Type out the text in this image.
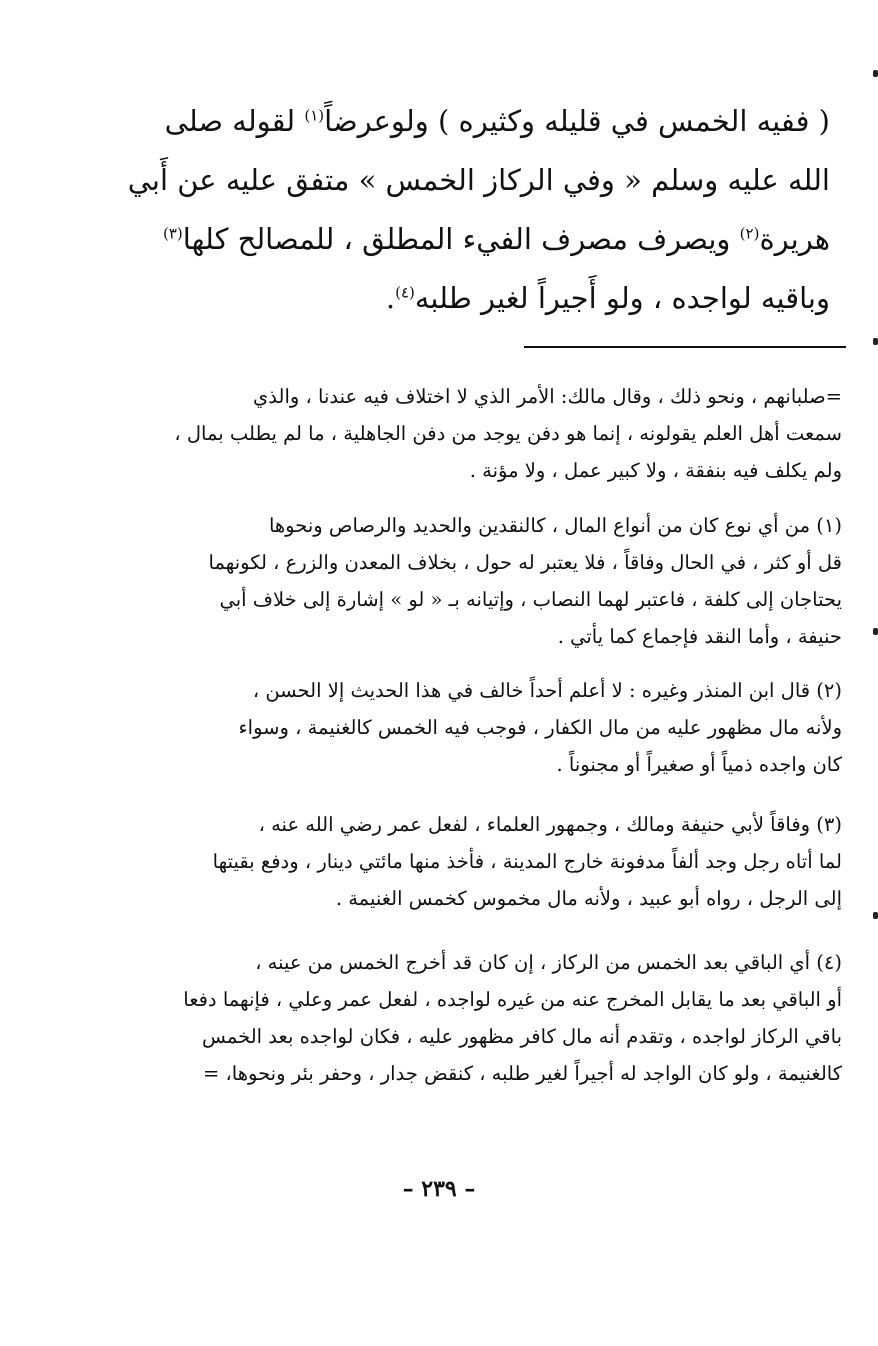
( ففيه الخمس في قليله وكثيره ) ولوعرضاً$^{(١)}$ لقوله صلى
الله عليه وسلم « وفي الركاز الخمس » متفق عليه عن أَبي
هريرة$^{(٢)}$ ويصرف مصرف الفيء المطلق ، للمصالح كلها$^{(٣)}$
وباقيه لواجده ، ولو أَجيراً لغير طلبه$^{(٤)}$.

=صلبانهم ، ونحو ذلك ، وقال مالك: الأمر الذي لا اختلاف فيه عندنا ، والذي
سمعت أهل العلم يقولونه ، إنما هو دفن يوجد من دفن الجاهلية ، ما لم يطلب بمال ،
ولم يكلف فيه بنفقة ، ولا كبير عمل ، ولا مؤنة .

(١) من أي نوع كان من أنواع المال ، كالنقدين والحديد والرصاص ونحوها
قل أو كثر ، في الحال وفاقاً ، فلا يعتبر له حول ، بخلاف المعدن والزرع ، لكونهما
يحتاجان إلى كلفة ، فاعتبر لهما النصاب ، وإتيانه بـ « لو » إشارة إلى خلاف أبي
حنيفة ، وأما النقد فإجماع كما يأتي .

(٢) قال ابن المنذر وغيره : لا أعلم أحداً خالف في هذا الحديث إلا الحسن ،
ولأنه مال مظهور عليه من مال الكفار ، فوجب فيه الخمس كالغنيمة ، وسواء
كان واجده ذمياً أو صغيراً أو مجنوناً .

(٣) وفاقاً لأبي حنيفة ومالك ، وجمهور العلماء ، لفعل عمر رضي الله عنه ،
لما أتاه رجل وجد ألفاً مدفونة خارج المدينة ، فأخذ منها مائتي دينار ، ودفع بقيتها
إلى الرجل ، رواه أبو عبيد ، ولأنه مال مخموس كخمس الغنيمة .

(٤) أي الباقي بعد الخمس من الركاز ، إن كان قد أخرج الخمس من عينه ،
أو الباقي بعد ما يقابل المخرج عنه من غيره لواجده ، لفعل عمر وعلي ، فإنهما دفعا
باقي الركاز لواجده ، وتقدم أنه مال كافر مظهور عليه ، فكان لواجده بعد الخمس
كالغنيمة ، ولو كان الواجد له أجيراً لغير طلبه ، كنقض جدار ، وحفر بئر ونحوها، =

– ٢٣٩ –
